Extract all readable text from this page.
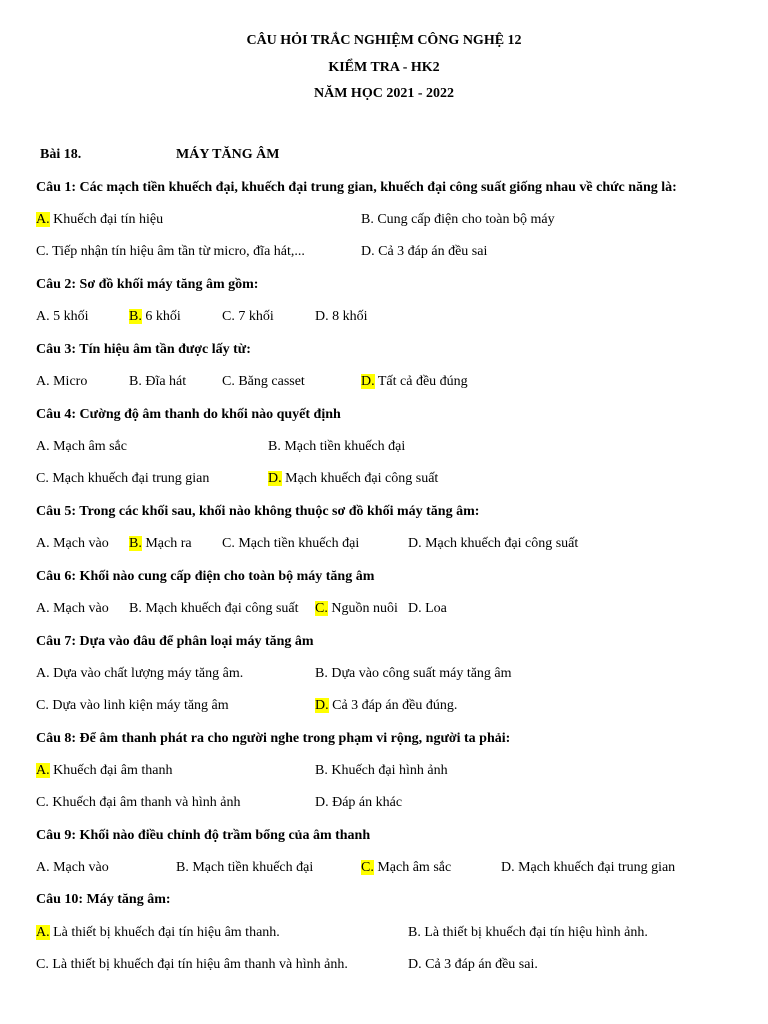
CÂU HỎI TRẮC NGHIỆM CÔNG NGHỆ 12
KIỂM TRA - HK2
NĂM HỌC 2021 - 2022
Bài 18.	MÁY TĂNG ÂM
Câu 1: Các mạch tiền khuếch đại, khuếch đại trung gian, khuếch đại công suất giống nhau về chức năng là:
A. Khuếch đại tín hiệu	B. Cung cấp điện cho toàn bộ máy
C. Tiếp nhận tín hiệu âm tần từ micro, đĩa hát,...	D. Cả 3 đáp án đều sai
Câu 2: Sơ đồ khối máy tăng âm gồm:
A. 5 khối	B. 6 khối	C. 7 khối	D. 8 khối
Câu 3: Tín hiệu âm tần được lấy từ:
A. Micro	B. Đĩa hát	C. Băng casset	D. Tất cả đều đúng
Câu 4: Cường độ âm thanh do khối nào quyết định
A. Mạch âm sắc	B. Mạch tiền khuếch đại
C. Mạch khuếch đại trung gian	D. Mạch khuếch đại công suất
Câu 5: Trong các khối sau, khối nào không thuộc sơ đồ khối máy tăng âm:
A. Mạch vào B. Mạch ra C. Mạch tiền khuếch đại	D. Mạch khuếch đại công suất
Câu 6: Khối nào cung cấp điện cho toàn bộ máy tăng âm
A. Mạch vào B. Mạch khuếch đại công suất C. Nguồn nuôi D. Loa
Câu 7: Dựa vào đâu để phân loại máy tăng âm
A. Dựa vào chất lượng máy tăng âm.	B. Dựa vào công suất máy tăng âm
C. Dựa vào linh kiện máy tăng âm	D. Cả 3 đáp án đều đúng.
Câu 8: Để âm thanh phát ra cho người nghe trong phạm vi rộng, người ta phải:
A. Khuếch đại âm thanh	B. Khuếch đại hình ảnh
C. Khuếch đại âm thanh và hình ảnh	D. Đáp án khác
Câu 9: Khối nào điều chỉnh độ trầm bổng của âm thanh
A. Mạch vào	B. Mạch tiền khuếch đại	C. Mạch âm sắc	D. Mạch khuếch đại trung gian
Câu 10: Máy tăng âm:
A. Là thiết bị khuếch đại tín hiệu âm thanh.	B. Là thiết bị khuếch đại tín hiệu hình ảnh.
C. Là thiết bị khuếch đại tín hiệu âm thanh và hình ảnh.	D. Cả 3 đáp án đều sai.
